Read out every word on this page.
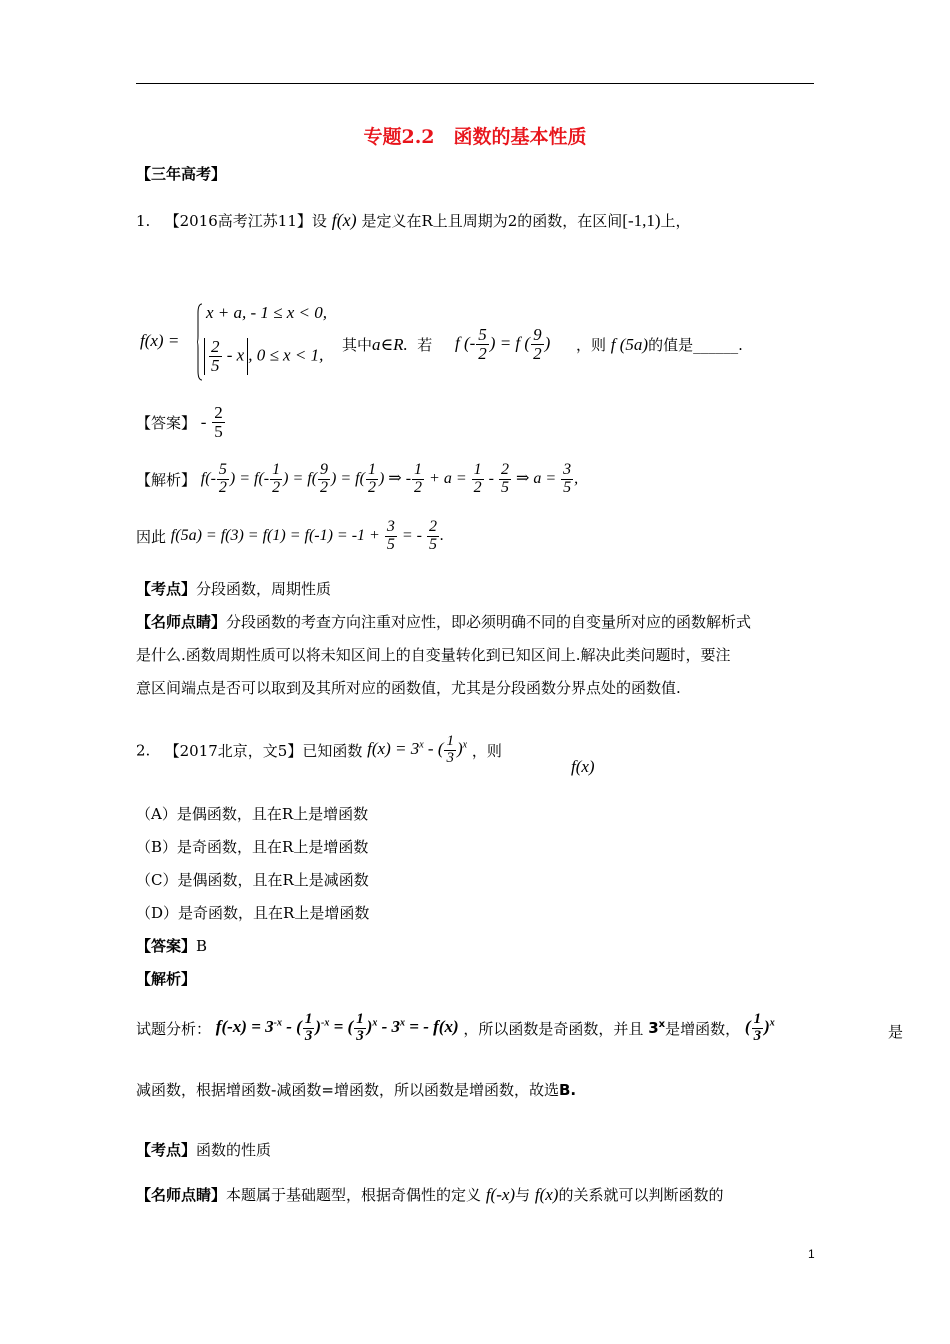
专题2.2　函数的基本性质
【三年高考】
1. 【2016高考江苏11】设 f(x) 是定义在R上且周期为2的函数，在区间[-1,1)上，
f(x) =
x + a, - 1 ≤ x < 0,
$\frac{2}{5}$ - x , 0 ≤ x < 1,
其中a∈R. 若 f (- $\frac{5}{2}$ ) = f ( $\frac{9}{2}$ ) ，则 f (5a)的值是______.
【答案】 - $\frac{2}{5}$
【解析】 $f(- \frac{5}{2}$ ) = $f(- \frac{1}{2}$ ) = $f( \frac{9}{2}$ ) = $f( \frac{1}{2}$ ) ⇒ - $\frac{1}{2} + a = \frac{1}{2} - \frac{2}{5}$ ⇒ $a = \frac{3}{5}$ ,
因此 $f(5a) = f(3) = f(1) = f(-1) = -1 + \frac{3}{5}$ = - $\frac{2}{5}$ .
【考点】分段函数，周期性质
【名师点睛】分段函数的考查方向注重对应性，即必须明确不同的自变量所对应的函数解析式
是什么.函数周期性质可以将未知区间上的自变量转化到已知区间上.解决此类问题时，要注
意区间端点是否可以取到及其所对应的函数值，尤其是分段函数分界点处的函数值.
2. 【2017北京，文5】已知函数 $f(x) = 3^x$ - ( $\frac{1}{3} )^x$ ，则
f(x)
（A）是偶函数，且在R上是增函数
（B）是奇函数，且在R上是增函数
（C）是偶函数，且在R上是减函数
（D）是奇函数，且在R上是增函数
【答案】B
【解析】
试题分析： $f(-x) = 3^{-x}$ - ( $\frac{1}{3} )^{-x}$ = ( $\frac{1}{3} )^x - 3^x$ = - f(x) ，所以函数是奇函数，并且 3$^x$是增函数， ( $\frac{1}{3} )^x$	是
减函数，根据增函数-减函数=增函数，所以函数是增函数，故选B.
【考点】函数的性质
【名师点睛】本题属于基础题型，根据奇偶性的定义 f(-x)与 f(x)的关系就可以判断函数的
1
